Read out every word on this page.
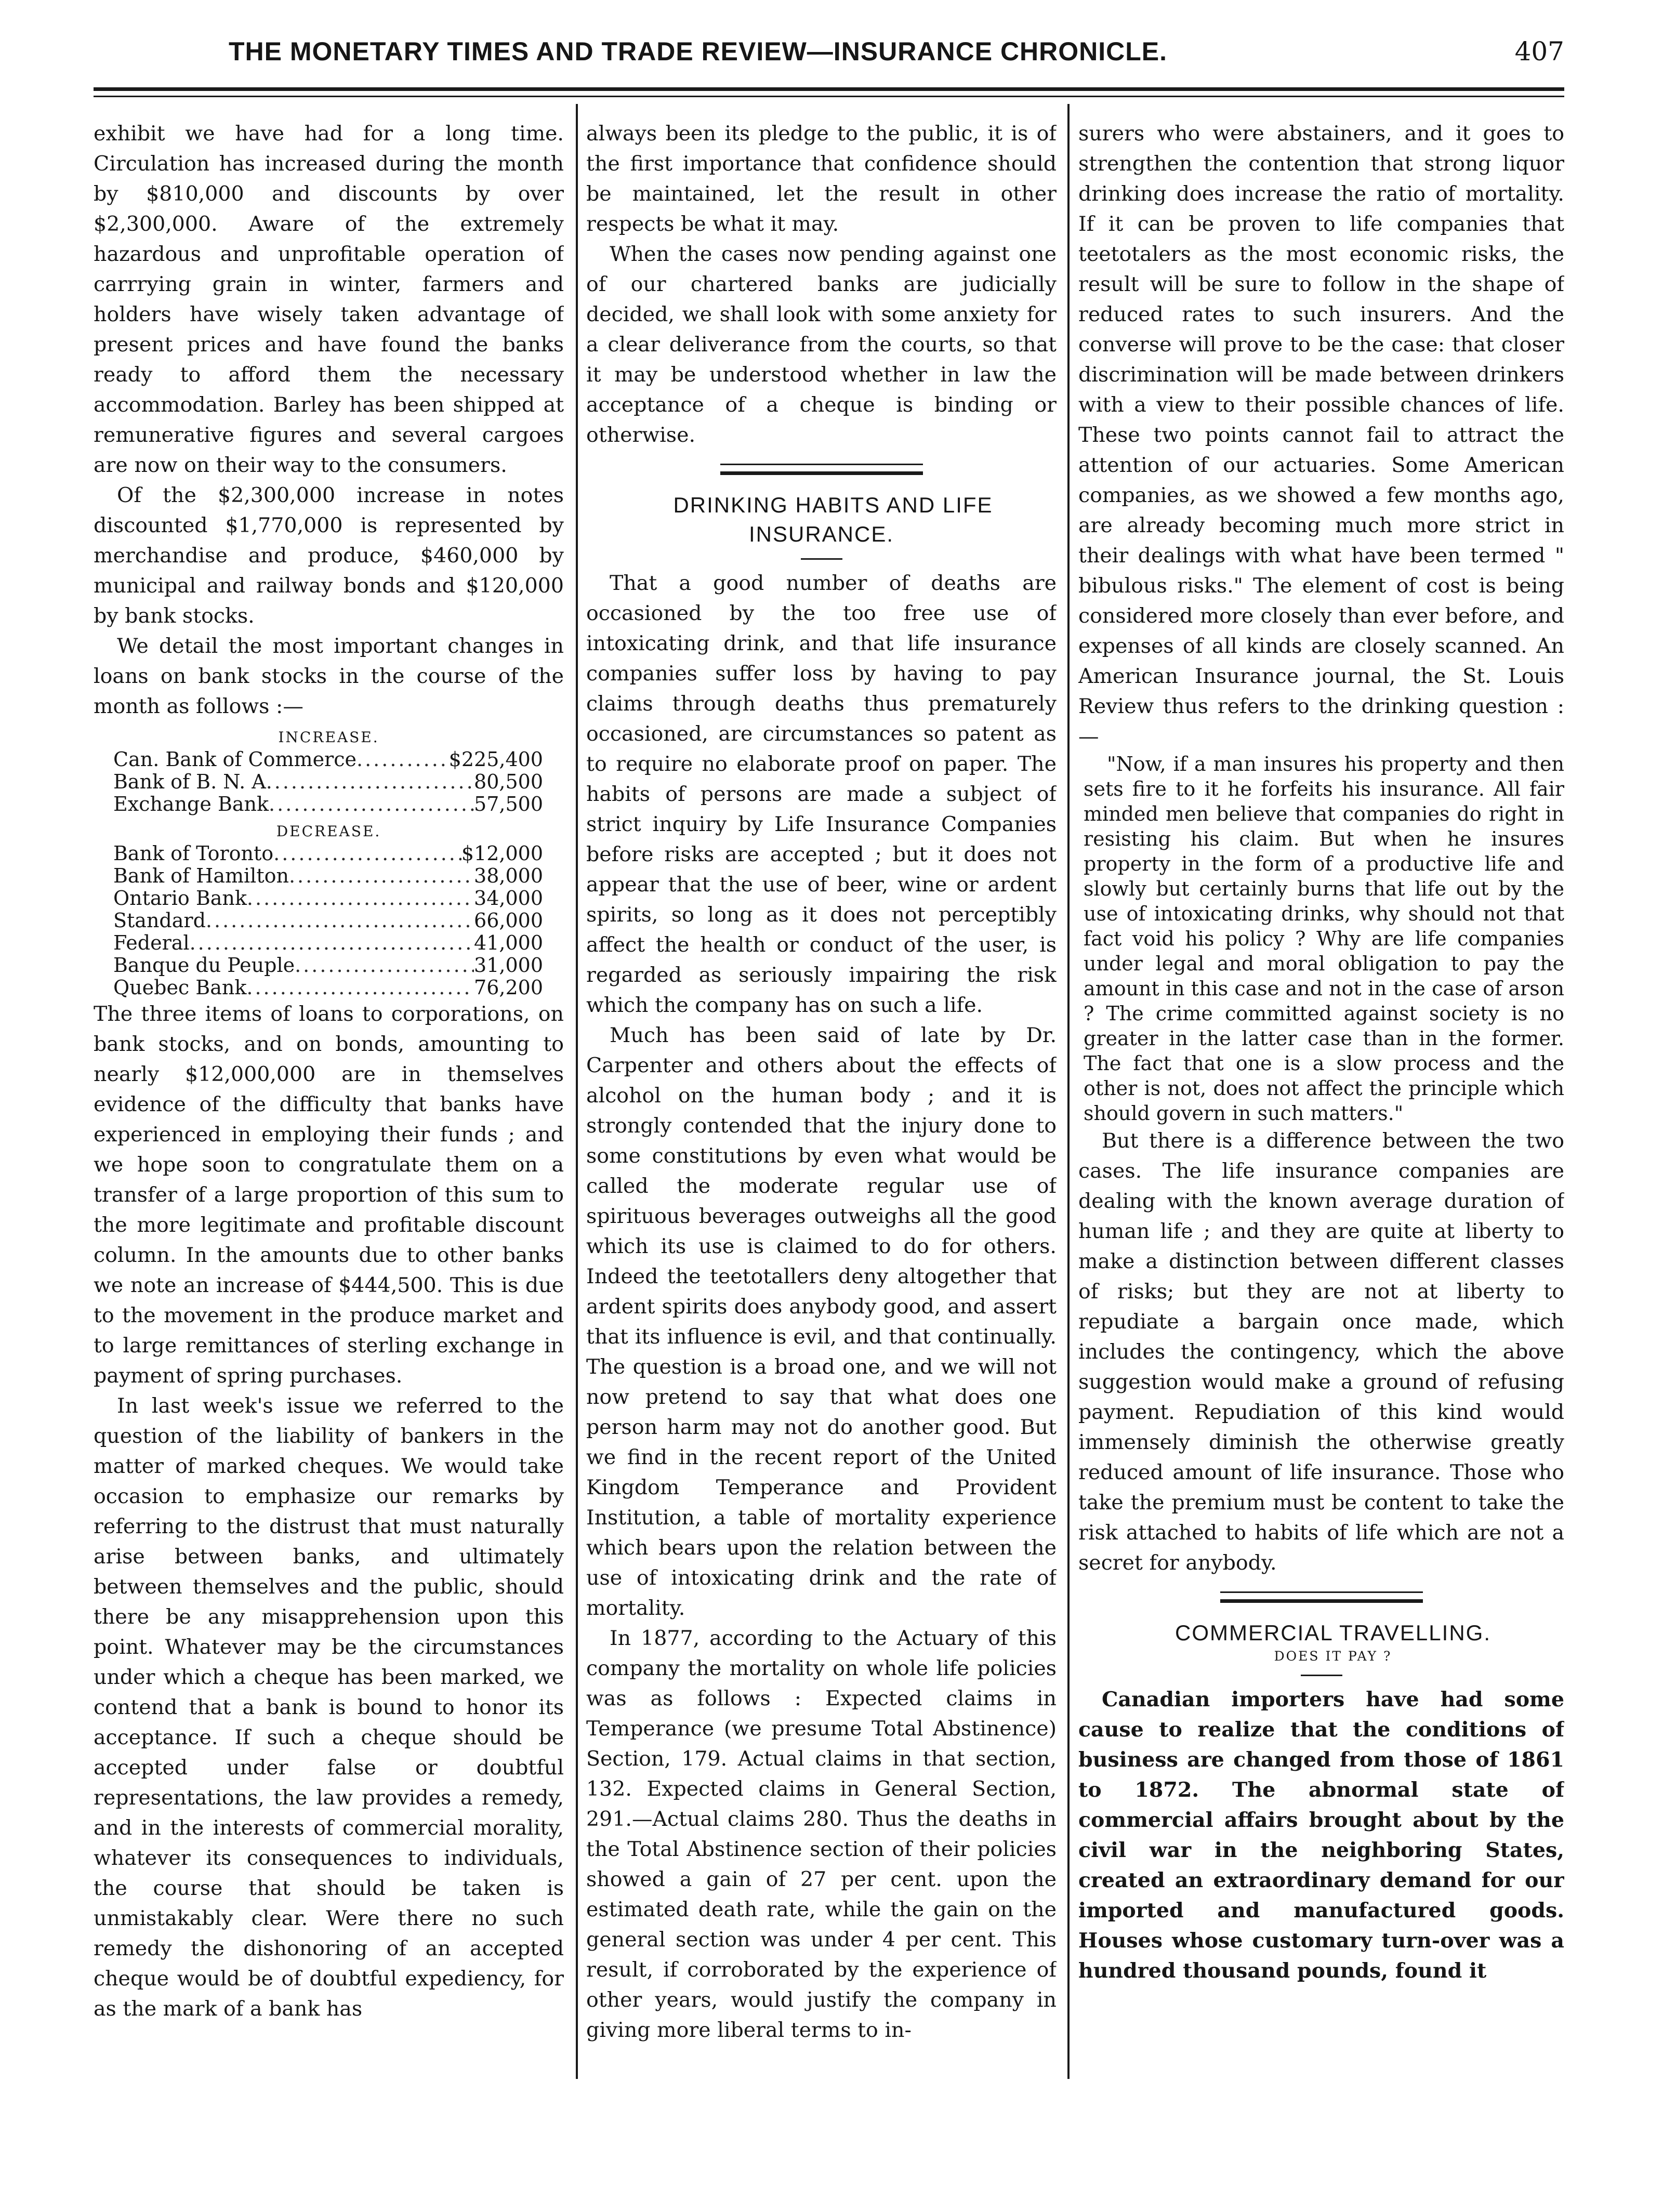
THE MONETARY TIMES AND TRADE REVIEW—INSURANCE CHRONICLE.	407

exhibit we have had for a long time. Circulation has increased during the month by $810,000 and discounts by over $2,300,000. Aware of the extremely hazardous and unprofitable operation of carrrying grain in winter, farmers and holders have wisely taken advantage of present prices and have found the banks ready to afford them the necessary accommodation. Barley has been shipped at remunerative figures and several cargoes are now on their way to the consumers.

Of the $2,300,000 increase in notes discounted $1,770,000 is represented by merchandise and produce, $460,000 by municipal and railway bonds and $120,000 by bank stocks.

We detail the most important changes in loans on bank stocks in the course of the month as follows :—

INCREASE.
Can. Bank of Commerce .....	$225,400
Bank of B. N. A .....	80,500
Exchange Bank .....	57,500
DECREASE.
Bank of Toronto .....	$12,000
Bank of Hamilton .....	38,000
Ontario Bank .....	34,000
Standard .....	66,000
Federal .....	41,000
Banque du Peuple .....	31,000
Quebec Bank .....	76,200

The three items of loans to corporations, on bank stocks, and on bonds, amounting to nearly $12,000,000 are in themselves evidence of the difficulty that banks have experienced in employing their funds ; and we hope soon to congratulate them on a transfer of a large proportion of this sum to the more legitimate and profitable discount column. In the amounts due to other banks we note an increase of $444,500. This is due to the movement in the produce market and to large remittances of sterling exchange in payment of spring purchases.

In last week's issue we referred to the question of the liability of bankers in the matter of marked cheques. We would take occasion to emphasize our remarks by referring to the distrust that must naturally arise between banks, and ultimately between themselves and the public, should there be any misapprehension upon this point. Whatever may be the circumstances under which a cheque has been marked, we contend that a bank is bound to honor its acceptance. If such a cheque should be accepted under false or doubtful representations, the law provides a remedy, and in the interests of commercial morality, whatever its consequences to individuals, the course that should be taken is unmistakably clear. Were there no such remedy the dishonoring of an accepted cheque would be of doubtful expediency, for as the mark of a bank has

always been its pledge to the public, it is of the first importance that confidence should be maintained, let the result in other respects be what it may.

When the cases now pending against one of our chartered banks are judicially decided, we shall look with some anxiety for a clear deliverance from the courts, so that it may be understood whether in law the acceptance of a cheque is binding or otherwise.

DRINKING HABITS AND LIFE INSURANCE.

That a good number of deaths are occasioned by the too free use of intoxicating drink, and that life insurance companies suffer loss by having to pay claims through deaths thus prematurely occasioned, are circumstances so patent as to require no elaborate proof on paper. The habits of persons are made a subject of strict inquiry by Life Insurance Companies before risks are accepted ; but it does not appear that the use of beer, wine or ardent spirits, so long as it does not perceptibly affect the health or conduct of the user, is regarded as seriously impairing the risk which the company has on such a life.

Much has been said of late by Dr. Carpenter and others about the effects of alcohol on the human body ; and it is strongly contended that the injury done to some constitutions by even what would be called the moderate regular use of spirituous beverages outweighs all the good which its use is claimed to do for others. Indeed the teetotallers deny altogether that ardent spirits does anybody good, and assert that its influence is evil, and that continually. The question is a broad one, and we will not now pretend to say that what does one person harm may not do another good. But we find in the recent report of the United Kingdom Temperance and Provident Institution, a table of mortality experience which bears upon the relation between the use of intoxicating drink and the rate of mortality.

In 1877, according to the Actuary of this company the mortality on whole life policies was as follows : Expected claims in Temperance (we presume Total Abstinence) Section, 179. Actual claims in that section, 132. Expected claims in General Section, 291.—Actual claims 280. Thus the deaths in the Total Abstinence section of their policies showed a gain of 27 per cent. upon the estimated death rate, while the gain on the general section was under 4 per cent. This result, if corroborated by the experience of other years, would justify the company in giving more liberal terms to in-

surers who were abstainers, and it goes to strengthen the contention that strong liquor drinking does increase the ratio of mortality. If it can be proven to life companies that teetotalers as the most economic risks, the result will be sure to follow in the shape of reduced rates to such insurers. And the converse will prove to be the case: that closer discrimination will be made between drinkers with a view to their possible chances of life. These two points cannot fail to attract the attention of our actuaries. Some American companies, as we showed a few months ago, are already becoming much more strict in their dealings with what have been termed " bibulous risks." The element of cost is being considered more closely than ever before, and expenses of all kinds are closely scanned. An American Insurance journal, the St. Louis Review thus refers to the drinking question :—

"Now, if a man insures his property and then sets fire to it he forfeits his insurance. All fair minded men believe that companies do right in resisting his claim. But when he insures property in the form of a productive life and slowly but certainly burns that life out by the use of intoxicating drinks, why should not that fact void his policy ? Why are life companies under legal and moral obligation to pay the amount in this case and not in the case of arson ? The crime committed against society is no greater in the latter case than in the former. The fact that one is a slow process and the other is not, does not affect the principle which should govern in such matters."

But there is a difference between the two cases. The life insurance companies are dealing with the known average duration of human life ; and they are quite at liberty to make a distinction between different classes of risks; but they are not at liberty to repudiate a bargain once made, which includes the contingency, which the above suggestion would make a ground of refusing payment. Repudiation of this kind would immensely diminish the otherwise greatly reduced amount of life insurance. Those who take the premium must be content to take the risk attached to habits of life which are not a secret for anybody.

COMMERCIAL TRAVELLING.

DOES IT PAY ?

Canadian importers have had some cause to realize that the conditions of business are changed from those of 1861 to 1872. The abnormal state of commercial affairs brought about by the civil war in the neighboring States, created an extraordinary demand for our imported and manufactured goods. Houses whose customary turn-over was a hundred thousand pounds, found it
